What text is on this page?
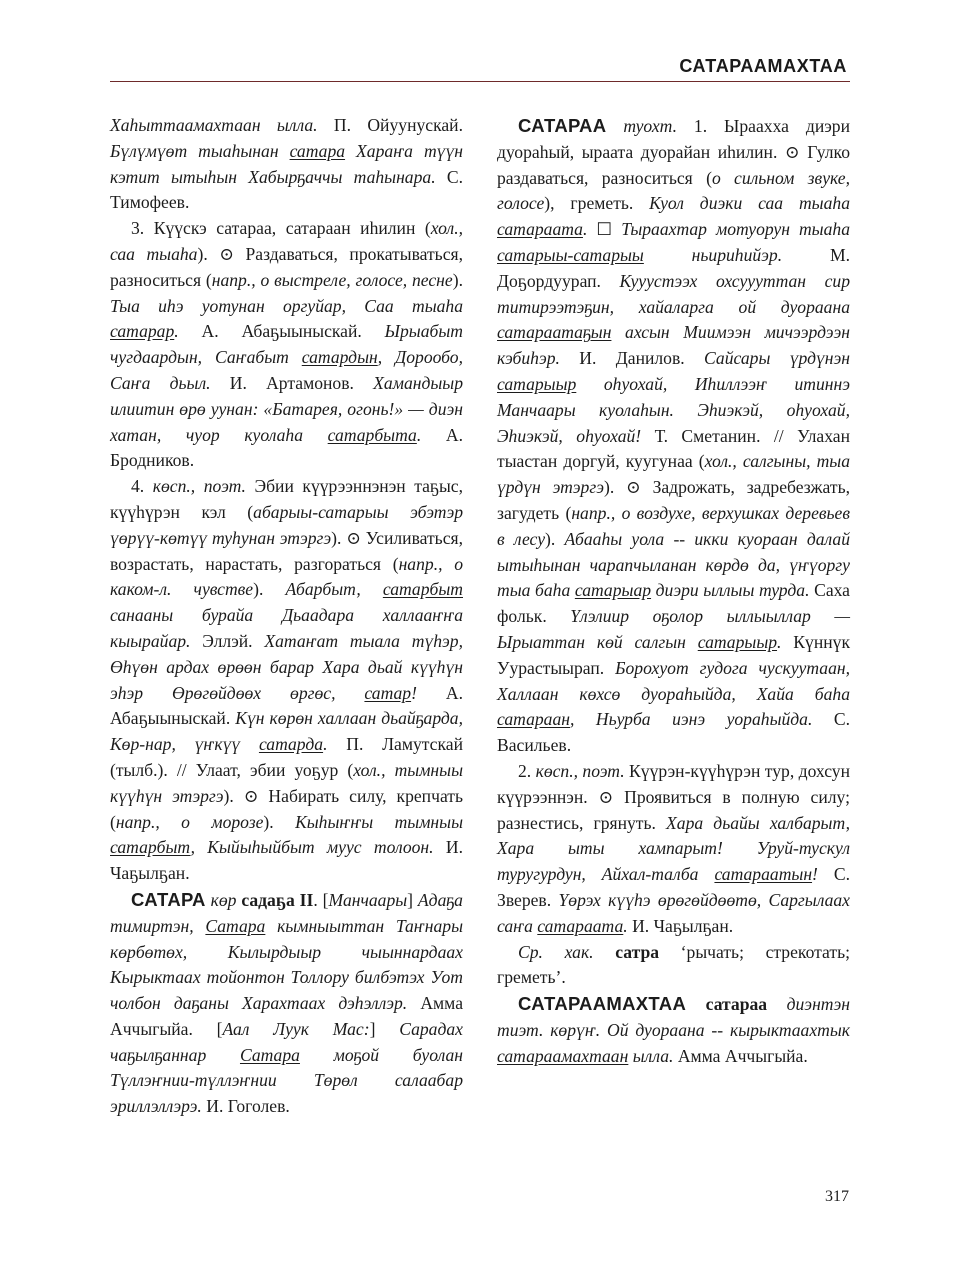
САТАРААМАХТАА

Хаһыттаамахтаан ылла. П. Ойуунускай. Бүлүмүөт тыаһынан сатара Хараҥа түүн кэтит ытыһын Хабырҕаччы таһынара. С. Тимофеев.

3. Күүскэ сатараа, сатараан иһилин (хол., саа тыаһа). ⊙ Раздаваться, прокатываться, разноситься (напр., о выстреле, голосе, песне). Тыа иһэ уотунан оргуйар, Саа тыаһа сатарар. А. Абаҕыыныскай. Ырыабыт чугдаардын, Саҥабыт сатардын, Дорообо, Саҥа дьыл. И. Артамонов. Хамандыыр илиитин өрө уунан: «Батарея, огонь!» — диэн хатан, чуор куолаһа сатарбыта. А. Бродников.

4. көсп., поэт. Эбии күүрээннэнэн таҕыс, күүһүрэн кэл (абарыы-сатарыы эбэтэр үөрүү-көтүү туһунан этэргэ). ⊙ Усиливаться, возрастать, нарастать, разгораться (напр., о каком-л. чувстве). Абарбыт, сатарбыт санааны бурайа Дьаадара халлааҥҥа кыырайар. Эллэй. Хатаҥат тыала түһэр, Өһүөн ардах өрөөн барар Хара дьай күүһүн эһэр Өрөгөйдөөх өргөс, сатар! А. Абаҕыыныскай. Күн көрөн халлаан дьайҕарда, Көр-нар, үҥкүү сатарда. П. Ламутскай (тылб.). // Улаат, эбии уоҕур (хол., тымныы күүһүн этэргэ). ⊙ Набирать силу, крепчать (напр., о морозе). Кыһыҥҥы тымныы сатарбыт, Кыйыһыйбыт муус толоон. И. Чаҕылҕан.

САТАРА көр садаҕа II. [Манчаары] Адаҕа тимиртэн, Сатара кымныыттан Таҥнары көрбөтөх, Кылырдыыр чыыннардаах Кырыктаах тойонтон Толлору билбэтэх Уот чолбон даҕаны Харахтаах дэһэллэр. Амма Аччыгыйа. [Аал Луук Мас:] Сарадах чаҕылҕаннар Сатара моҕой буолан Түллэҥнии-түллэҥнии Төрөл салаабар эриллэллэрэ. И. Гоголев.

САТАРАА туохт. 1. Ыраахха диэри дуораһый, ыраата дуорайан иһилин. ⊙ Гулко раздаваться, разноситься (о сильном звуке, голосе), греметь. Куол диэки саа тыаһа сатараата. ☐ Тыраахтар мотуорун тыаһа сатарыы-сатарыы ньириһийэр. М. Доҕордуурап. Кууустээх охсуууттан сир титирээтэҕин, хайаларга ой дуораана сатараатаҕын ахсын Миимээн мичээрдээн кэбиһэр. И. Данилов. Сайсары үрдүнэн сатарыыр оһуохай, Иһиллээҥ итиннэ Манчаары куолаһын. Эһиэкэй, оһуохай, Эһиэкэй, оһуохай! Т. Сметанин. // Улахан тыастан доргуй, куугунаа (хол., салгыны, тыа үрдүн этэргэ). ⊙ Задрожать, задребезжать, загудеть (напр., о воздухе, верхушках деревьев в лесу). Абааһы уола -- икки куораан далай ытыһынан чарапчыланан көрдө да, үҥүоргу тыа баһа сатарыар диэри ыллыы турда. Саха фольк. Үлэлиир оҕолор ыллыыллар — Ырыаттан көй салгын сатарыыр. Күннүк Уурастыырап. Борохуот гудога чускуутаан, Халлаан көхсө дуораһыйда, Хайа баһа сатараан, Ньурба иэнэ уораһыйда. С. Васильев.

2. көсп., поэт. Күүрэн-күүһүрэн тур, дохсун күүрээннэн. ⊙ Проявиться в полную силу; разнестись, грянуть. Хара дьайы халбарыт, Хара ыты хампарыт! Уруй-тускул туругурдун, Айхал-талба сатараатын! С. Зверев. Үөрэх күүһэ өрөгөйдөөтө, Саргылаах саҥа сатараата. И. Чаҕылҕан.

Ср. хак. сатра ‘рычать; стрекотать; греметь’.

САТАРААМАХТАА сатараа диэнтэн тиэт. көрүҥ. Ой дуораана -- кырыктаахтык сатараамахтаан ылла. Амма Аччыгыйа.

317
